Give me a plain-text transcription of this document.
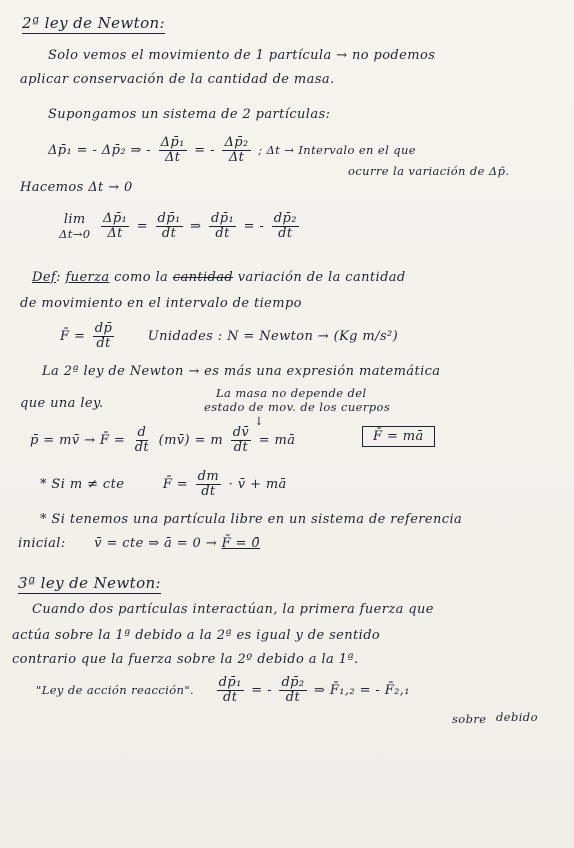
2ª ley de Newton:
Solo vemos el movimiento de 1 partícula → no podemos
aplicar conservación de la cantidad de masa.
Supongamos un sistema de 2 partículas:
Δp̄₁ = - Δp̄₂ ⇒ - $\frac{\text{Δp̄₁}}{\Delta t}$ = - $\frac{\text{Δp̄₂}}{\Delta t}$ ; Δt → Intervalo en el que
ocurre la variación de Δp̄.
Hacemos Δt → 0
lim
Δt→0
$\frac{\text{Δp̄₁}}{\Delta t} = \frac{\text{dp̄₁}}{dt}$ ⇒ $\frac{\text{dp̄₁}}{dt}$ = - $\frac{\text{dp̄₂}}{dt}$
Def: fuerza como la cantidad variación de la cantidad
de movimiento en el intervalo de tiempo
F̄ = $\frac{dp̄}{dt}$	Unidades : N = Newton → (Kg m/s²)
La 2ª ley de Newton → es más una expresión matemática
que una ley.
La masa no depende del
estado de mov. de los cuerpos
↓
p̄ = mv̄ → F̄ = $\frac{d}{dt}$ (mv̄) = m $\frac{dv̄}{dt}$ = mā	F̄ = mā
* Si m ≠ cte	F̄ = $\frac{dm}{dt}$ · v̄ + mā
* Si tenemos una partícula libre en un sistema de referencia
inicial: v̄ = cte ⇒ ā = 0 → F̄ = 0̄
3ª ley de Newton:
Cuando dos partículas interactúan, la primera fuerza que
actúa sobre la 1ª debido a la 2ª es igual y de sentido
contrario que la fuerza sobre la 2º debido a la 1ª.
"Ley de acción reacción". $\frac{\text{dp̄₁}}{dt}$ = - $\frac{\text{dp̄₂}}{dt}$ ⇒ F̄₁,₂ = - F̄₂,₁
sobre debido
